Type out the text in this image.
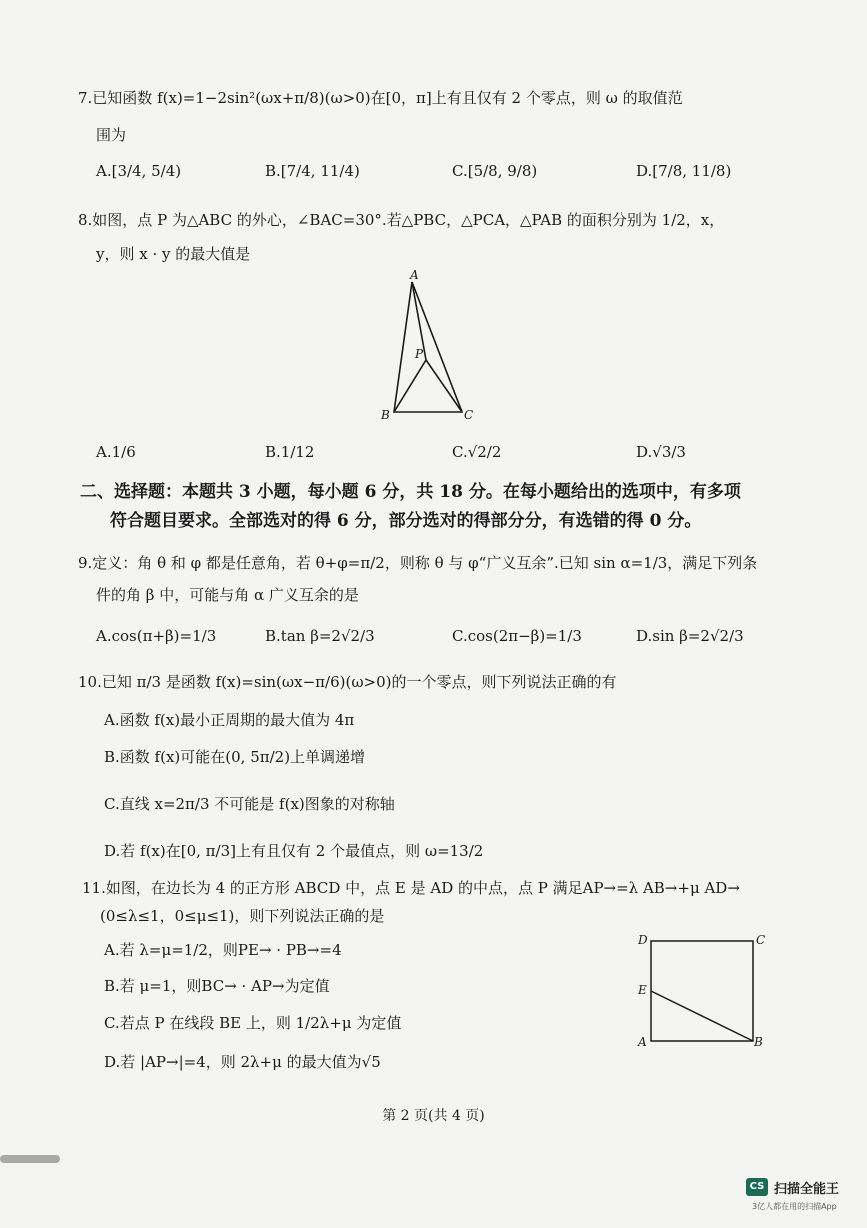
7.已知函数 f(x)=1−2sin²(ωx+π/8)(ω>0)在[0，π]上有且仅有 2 个零点，则 ω 的取值范
围为
A.[3/4, 5/4)	B.[7/4, 11/4)	C.[5/8, 9/8)	D.[7/8, 11/8)
8.如图，点 P 为△ABC 的外心，∠BAC=30°.若△PBC，△PCA，△PAB 的面积分别为 1/2，x，
y，则 x · y 的最大值是
A
P
B	C
A.1/6	B.1/12	C.√2/2	D.√3/3
二、选择题：本题共 3 小题，每小题 6 分，共 18 分。在每小题给出的选项中，有多项
符合题目要求。全部选对的得 6 分，部分选对的得部分分，有选错的得 0 分。
9.定义：角 θ 和 φ 都是任意角，若 θ+φ=π/2，则称 θ 与 φ“广义互余”.已知 sin α=1/3，满足下列条
件的角 β 中，可能与角 α 广义互余的是
A.cos(π+β)=1/3	B.tan β=2√2/3	C.cos(2π−β)=1/3	D.sin β=2√2/3
10.已知 π/3 是函数 f(x)=sin(ωx−π/6)(ω>0)的一个零点，则下列说法正确的有
A.函数 f(x)最小正周期的最大值为 4π
B.函数 f(x)可能在(0, 5π/2)上单调递增
C.直线 x=2π/3 不可能是 f(x)图象的对称轴
D.若 f(x)在[0, π/3]上有且仅有 2 个最值点，则 ω=13/2
11.如图，在边长为 4 的正方形 ABCD 中，点 E 是 AD 的中点，点 P 满足AP→=λ AB→+μ AD→
(0≤λ≤1，0≤μ≤1)，则下列说法正确的是
A.若 λ=μ=1/2，则PE→ · PB→=4
B.若 μ=1，则BC→ · AP→为定值
C.若点 P 在线段 BE 上，则 1/2λ+μ 为定值
D.若 |AP→|=4，则 2λ+μ 的最大值为√5
D	C
E
A	B
第 2 页(共 4 页)
CS 扫描全能王
3亿人都在用的扫描App
